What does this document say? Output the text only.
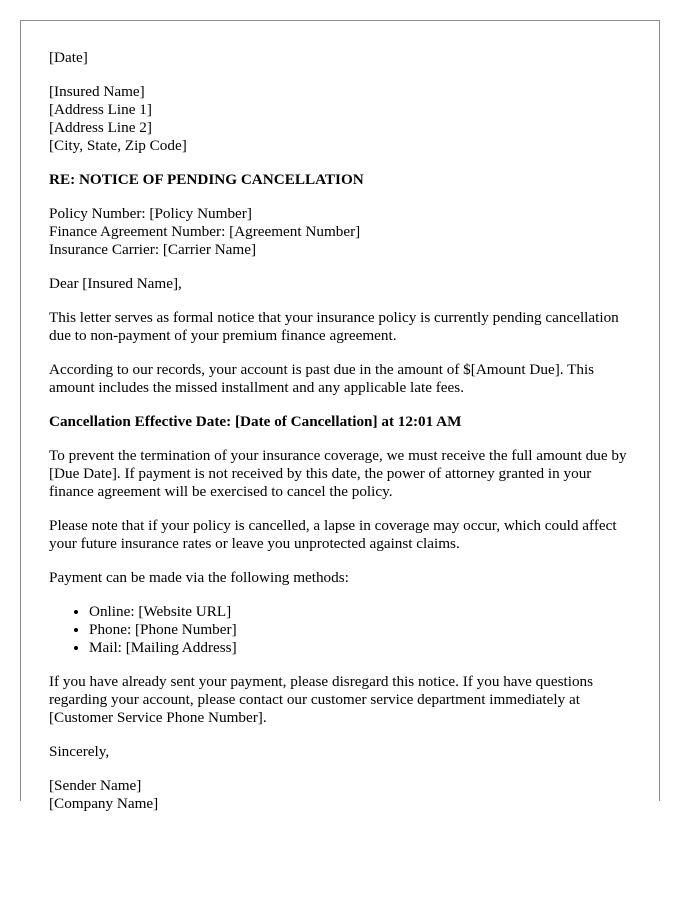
[Date]

[Insured Name]
[Address Line 1]
[Address Line 2]
[City, State, Zip Code]

RE: NOTICE OF PENDING CANCELLATION

Policy Number: [Policy Number]
Finance Agreement Number: [Agreement Number]
Insurance Carrier: [Carrier Name]

Dear [Insured Name],

This letter serves as formal notice that your insurance policy is currently pending cancellation due to non-payment of your premium finance agreement.

According to our records, your account is past due in the amount of $[Amount Due]. This amount includes the missed installment and any applicable late fees.

Cancellation Effective Date: [Date of Cancellation] at 12:01 AM

To prevent the termination of your insurance coverage, we must receive the full amount due by [Due Date]. If payment is not received by this date, the power of attorney granted in your finance agreement will be exercised to cancel the policy.

Please note that if your policy is cancelled, a lapse in coverage may occur, which could affect your future insurance rates or leave you unprotected against claims.

Payment can be made via the following methods:

• Online: [Website URL]
• Phone: [Phone Number]
• Mail: [Mailing Address]

If you have already sent your payment, please disregard this notice. If you have questions regarding your account, please contact our customer service department immediately at [Customer Service Phone Number].

Sincerely,

[Sender Name]
[Company Name]
